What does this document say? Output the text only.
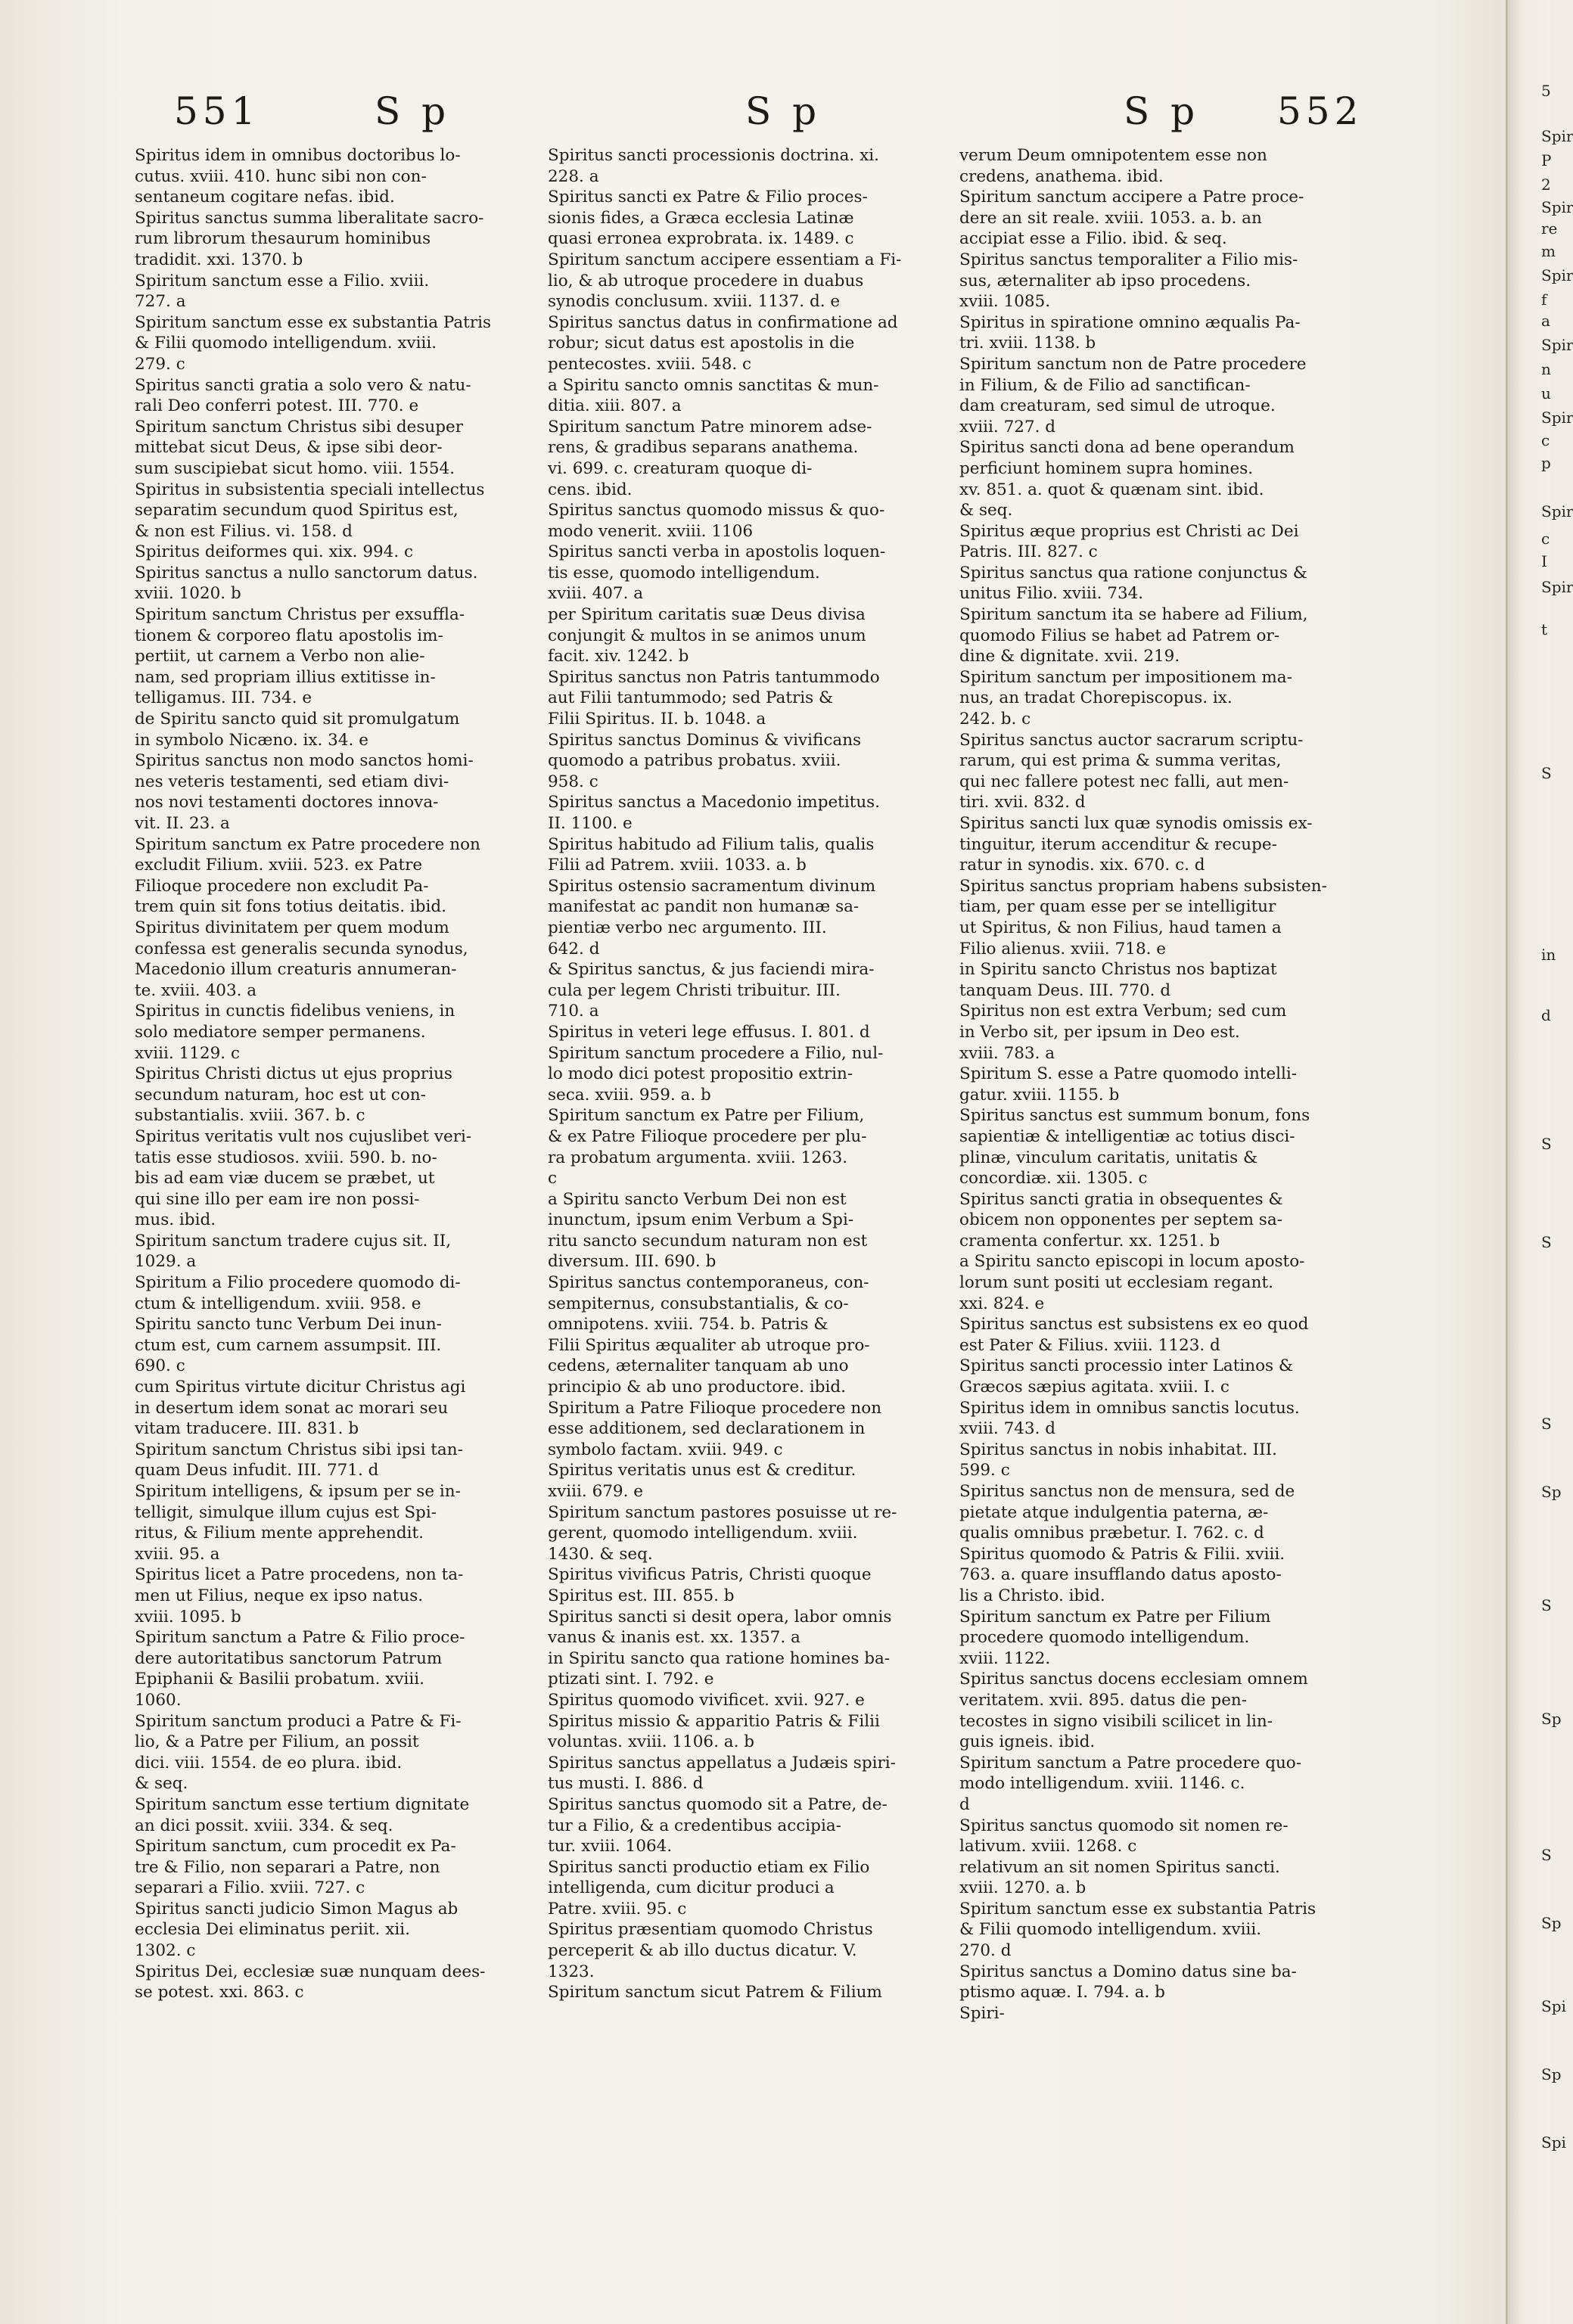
551	S p	S p	S p 552
Spiritus idem in omnibus doctoribus lo-
cutus. xviii. 410. hunc sibi non con-
sentaneum cogitare nefas. ibid.
Spiritus sanctus summa liberalitate sacro-
rum librorum thesaurum hominibus
tradidit. xxi. 1370. b
Spiritum sanctum esse a Filio. xviii.
727. a
Spiritum sanctum esse ex substantia Patris
& Filii quomodo intelligendum. xviii.
279. c
Spiritus sancti gratia a solo vero & natu-
rali Deo conferri potest. III. 770. e
Spiritum sanctum Christus sibi desuper
mittebat sicut Deus, & ipse sibi deor-
sum suscipiebat sicut homo. viii. 1554.
Spiritus in subsistentia speciali intellectus
separatim secundum quod Spiritus est,
& non est Filius. vi. 158. d
Spiritus deiformes qui. xix. 994. c
Spiritus sanctus a nullo sanctorum datus.
xviii. 1020. b
Spiritum sanctum Christus per exsuffla-
tionem & corporeo flatu apostolis im-
pertiit, ut carnem a Verbo non alie-
nam, sed propriam illius extitisse in-
telligamus. III. 734. e
de Spiritu sancto quid sit promulgatum
in symbolo Nicæno. ix. 34. e
Spiritus sanctus non modo sanctos homi-
nes veteris testamenti, sed etiam divi-
nos novi testamenti doctores innova-
vit. II. 23. a
Spiritum sanctum ex Patre procedere non
excludit Filium. xviii. 523. ex Patre
Filioque procedere non excludit Pa-
trem quin sit fons totius deitatis. ibid.
Spiritus divinitatem per quem modum
confessa est generalis secunda synodus,
Macedonio illum creaturis annumeran-
te. xviii. 403. a
Spiritus in cunctis fidelibus veniens, in
solo mediatore semper permanens.
xviii. 1129. c
Spiritus Christi dictus ut ejus proprius
secundum naturam, hoc est ut con-
substantialis. xviii. 367. b. c
Spiritus veritatis vult nos cujuslibet veri-
tatis esse studiosos. xviii. 590. b. no-
bis ad eam viæ ducem se præbet, ut
qui sine illo per eam ire non possi-
mus. ibid.
Spiritum sanctum tradere cujus sit. II,
1029. a
Spiritum a Filio procedere quomodo di-
ctum & intelligendum. xviii. 958. e
Spiritu sancto tunc Verbum Dei inun-
ctum est, cum carnem assumpsit. III.
690. c
cum Spiritus virtute dicitur Christus agi
in desertum idem sonat ac morari seu
vitam traducere. III. 831. b
Spiritum sanctum Christus sibi ipsi tan-
quam Deus infudit. III. 771. d
Spiritum intelligens, & ipsum per se in-
telligit, simulque illum cujus est Spi-
ritus, & Filium mente apprehendit.
xviii. 95. a
Spiritus licet a Patre procedens, non ta-
men ut Filius, neque ex ipso natus.
xviii. 1095. b
Spiritum sanctum a Patre & Filio proce-
dere autoritatibus sanctorum Patrum
Epiphanii & Basilii probatum. xviii.
1060.
Spiritum sanctum produci a Patre & Fi-
lio, & a Patre per Filium, an possit
dici. viii. 1554. de eo plura. ibid.
& seq.
Spiritum sanctum esse tertium dignitate
an dici possit. xviii. 334. & seq.
Spiritum sanctum, cum procedit ex Pa-
tre & Filio, non separari a Patre, non
separari a Filio. xviii. 727. c
Spiritus sancti judicio Simon Magus ab
ecclesia Dei eliminatus periit. xii.
1302. c
Spiritus Dei, ecclesiæ suæ nunquam dees-
se potest. xxi. 863. c
Spiritus sancti processionis doctrina. xi.
228. a
Spiritus sancti ex Patre & Filio proces-
sionis fides, a Græca ecclesia Latinæ
quasi erronea exprobrata. ix. 1489. c
Spiritum sanctum accipere essentiam a Fi-
lio, & ab utroque procedere in duabus
synodis conclusum. xviii. 1137. d. e
Spiritus sanctus datus in confirmatione ad
robur; sicut datus est apostolis in die
pentecostes. xviii. 548. c
a Spiritu sancto omnis sanctitas & mun-
ditia. xiii. 807. a
Spiritum sanctum Patre minorem adse-
rens, & gradibus separans anathema.
vi. 699. c. creaturam quoque di-
cens. ibid.
Spiritus sanctus quomodo missus & quo-
modo venerit. xviii. 1106
Spiritus sancti verba in apostolis loquen-
tis esse, quomodo intelligendum.
xviii. 407. a
per Spiritum caritatis suæ Deus divisa
conjungit & multos in se animos unum
facit. xiv. 1242. b
Spiritus sanctus non Patris tantummodo
aut Filii tantummodo; sed Patris &
Filii Spiritus. II. b. 1048. a
Spiritus sanctus Dominus & vivificans
quomodo a patribus probatus. xviii.
958. c
Spiritus sanctus a Macedonio impetitus.
II. 1100. e
Spiritus habitudo ad Filium talis, qualis
Filii ad Patrem. xviii. 1033. a. b
Spiritus ostensio sacramentum divinum
manifestat ac pandit non humanæ sa-
pientiæ verbo nec argumento. III.
642. d
& Spiritus sanctus, & jus faciendi mira-
cula per legem Christi tribuitur. III.
710. a
Spiritus in veteri lege effusus. I. 801. d
Spiritum sanctum procedere a Filio, nul-
lo modo dici potest propositio extrin-
seca. xviii. 959. a. b
Spiritum sanctum ex Patre per Filium,
& ex Patre Filioque procedere per plu-
ra probatum argumenta. xviii. 1263.
c
a Spiritu sancto Verbum Dei non est
inunctum, ipsum enim Verbum a Spi-
ritu sancto secundum naturam non est
diversum. III. 690. b
Spiritus sanctus contemporaneus, con-
sempiternus, consubstantialis, & co-
omnipotens. xviii. 754. b. Patris &
Filii Spiritus æqualiter ab utroque pro-
cedens, æternaliter tanquam ab uno
principio & ab uno productore. ibid.
Spiritum a Patre Filioque procedere non
esse additionem, sed declarationem in
symbolo factam. xviii. 949. c
Spiritus veritatis unus est & creditur.
xviii. 679. e
Spiritum sanctum pastores posuisse ut re-
gerent, quomodo intelligendum. xviii.
1430. & seq.
Spiritus vivificus Patris, Christi quoque
Spiritus est. III. 855. b
Spiritus sancti si desit opera, labor omnis
vanus & inanis est. xx. 1357. a
in Spiritu sancto qua ratione homines ba-
ptizati sint. I. 792. e
Spiritus quomodo vivificet. xvii. 927. e
Spiritus missio & apparitio Patris & Filii
voluntas. xviii. 1106. a. b
Spiritus sanctus appellatus a Judæis spiri-
tus musti. I. 886. d
Spiritus sanctus quomodo sit a Patre, de-
tur a Filio, & a credentibus accipia-
tur. xviii. 1064.
Spiritus sancti productio etiam ex Filio
intelligenda, cum dicitur produci a
Patre. xviii. 95. c
Spiritus præsentiam quomodo Christus
perceperit & ab illo ductus dicatur. V.
1323.
Spiritum sanctum sicut Patrem & Filium
verum Deum omnipotentem esse non
credens, anathema. ibid.
Spiritum sanctum accipere a Patre proce-
dere an sit reale. xviii. 1053. a. b. an
accipiat esse a Filio. ibid. & seq.
Spiritus sanctus temporaliter a Filio mis-
sus, æternaliter ab ipso procedens.
xviii. 1085.
Spiritus in spiratione omnino æqualis Pa-
tri. xviii. 1138. b
Spiritum sanctum non de Patre procedere
in Filium, & de Filio ad sanctifican-
dam creaturam, sed simul de utroque.
xviii. 727. d
Spiritus sancti dona ad bene operandum
perficiunt hominem supra homines.
xv. 851. a. quot & quænam sint. ibid.
& seq.
Spiritus æque proprius est Christi ac Dei
Patris. III. 827. c
Spiritus sanctus qua ratione conjunctus &
unitus Filio. xviii. 734.
Spiritum sanctum ita se habere ad Filium,
quomodo Filius se habet ad Patrem or-
dine & dignitate. xvii. 219.
Spiritum sanctum per impositionem ma-
nus, an tradat Chorepiscopus. ix.
242. b. c
Spiritus sanctus auctor sacrarum scriptu-
rarum, qui est prima & summa veritas,
qui nec fallere potest nec falli, aut men-
tiri. xvii. 832. d
Spiritus sancti lux quæ synodis omissis ex-
tinguitur, iterum accenditur & recupe-
ratur in synodis. xix. 670. c. d
Spiritus sanctus propriam habens subsisten-
tiam, per quam esse per se intelligitur
ut Spiritus, & non Filius, haud tamen a
Filio alienus. xviii. 718. e
in Spiritu sancto Christus nos baptizat
tanquam Deus. III. 770. d
Spiritus non est extra Verbum; sed cum
in Verbo sit, per ipsum in Deo est.
xviii. 783. a
Spiritum S. esse a Patre quomodo intelli-
gatur. xviii. 1155. b
Spiritus sanctus est summum bonum, fons
sapientiæ & intelligentiæ ac totius disci-
plinæ, vinculum caritatis, unitatis &
concordiæ. xii. 1305. c
Spiritus sancti gratia in obsequentes &
obicem non opponentes per septem sa-
cramenta confertur. xx. 1251. b
a Spiritu sancto episcopi in locum aposto-
lorum sunt positi ut ecclesiam regant.
xxi. 824. e
Spiritus sanctus est subsistens ex eo quod
est Pater & Filius. xviii. 1123. d
Spiritus sancti processio inter Latinos &
Græcos sæpius agitata. xviii. I. c
Spiritus idem in omnibus sanctis locutus.
xviii. 743. d
Spiritus sanctus in nobis inhabitat. III.
599. c
Spiritus sanctus non de mensura, sed de
pietate atque indulgentia paterna, æ-
qualis omnibus præbetur. I. 762. c. d
Spiritus quomodo & Patris & Filii. xviii.
763. a. quare insufflando datus aposto-
lis a Christo. ibid.
Spiritum sanctum ex Patre per Filium
procedere quomodo intelligendum.
xviii. 1122.
Spiritus sanctus docens ecclesiam omnem
veritatem. xvii. 895. datus die pen-
tecostes in signo visibili scilicet in lin-
guis igneis. ibid.
Spiritum sanctum a Patre procedere quo-
modo intelligendum. xviii. 1146. c.
d
Spiritus sanctus quomodo sit nomen re-
lativum. xviii. 1268. c
relativum an sit nomen Spiritus sancti.
xviii. 1270. a. b
Spiritum sanctum esse ex substantia Patris
& Filii quomodo intelligendum. xviii.
270. d
Spiritus sanctus a Domino datus sine ba-
ptismo aquæ. I. 794. a. b
Spiri-
5
Spir
P
2
Spir
re
m
Spir
f
a
Spir
n
u
Spir
c
p
Spir
c
I
Spir
t
S
in
d
S
S
S
Sp
S
Sp
S
Sp
Spi
Sp
Spi
